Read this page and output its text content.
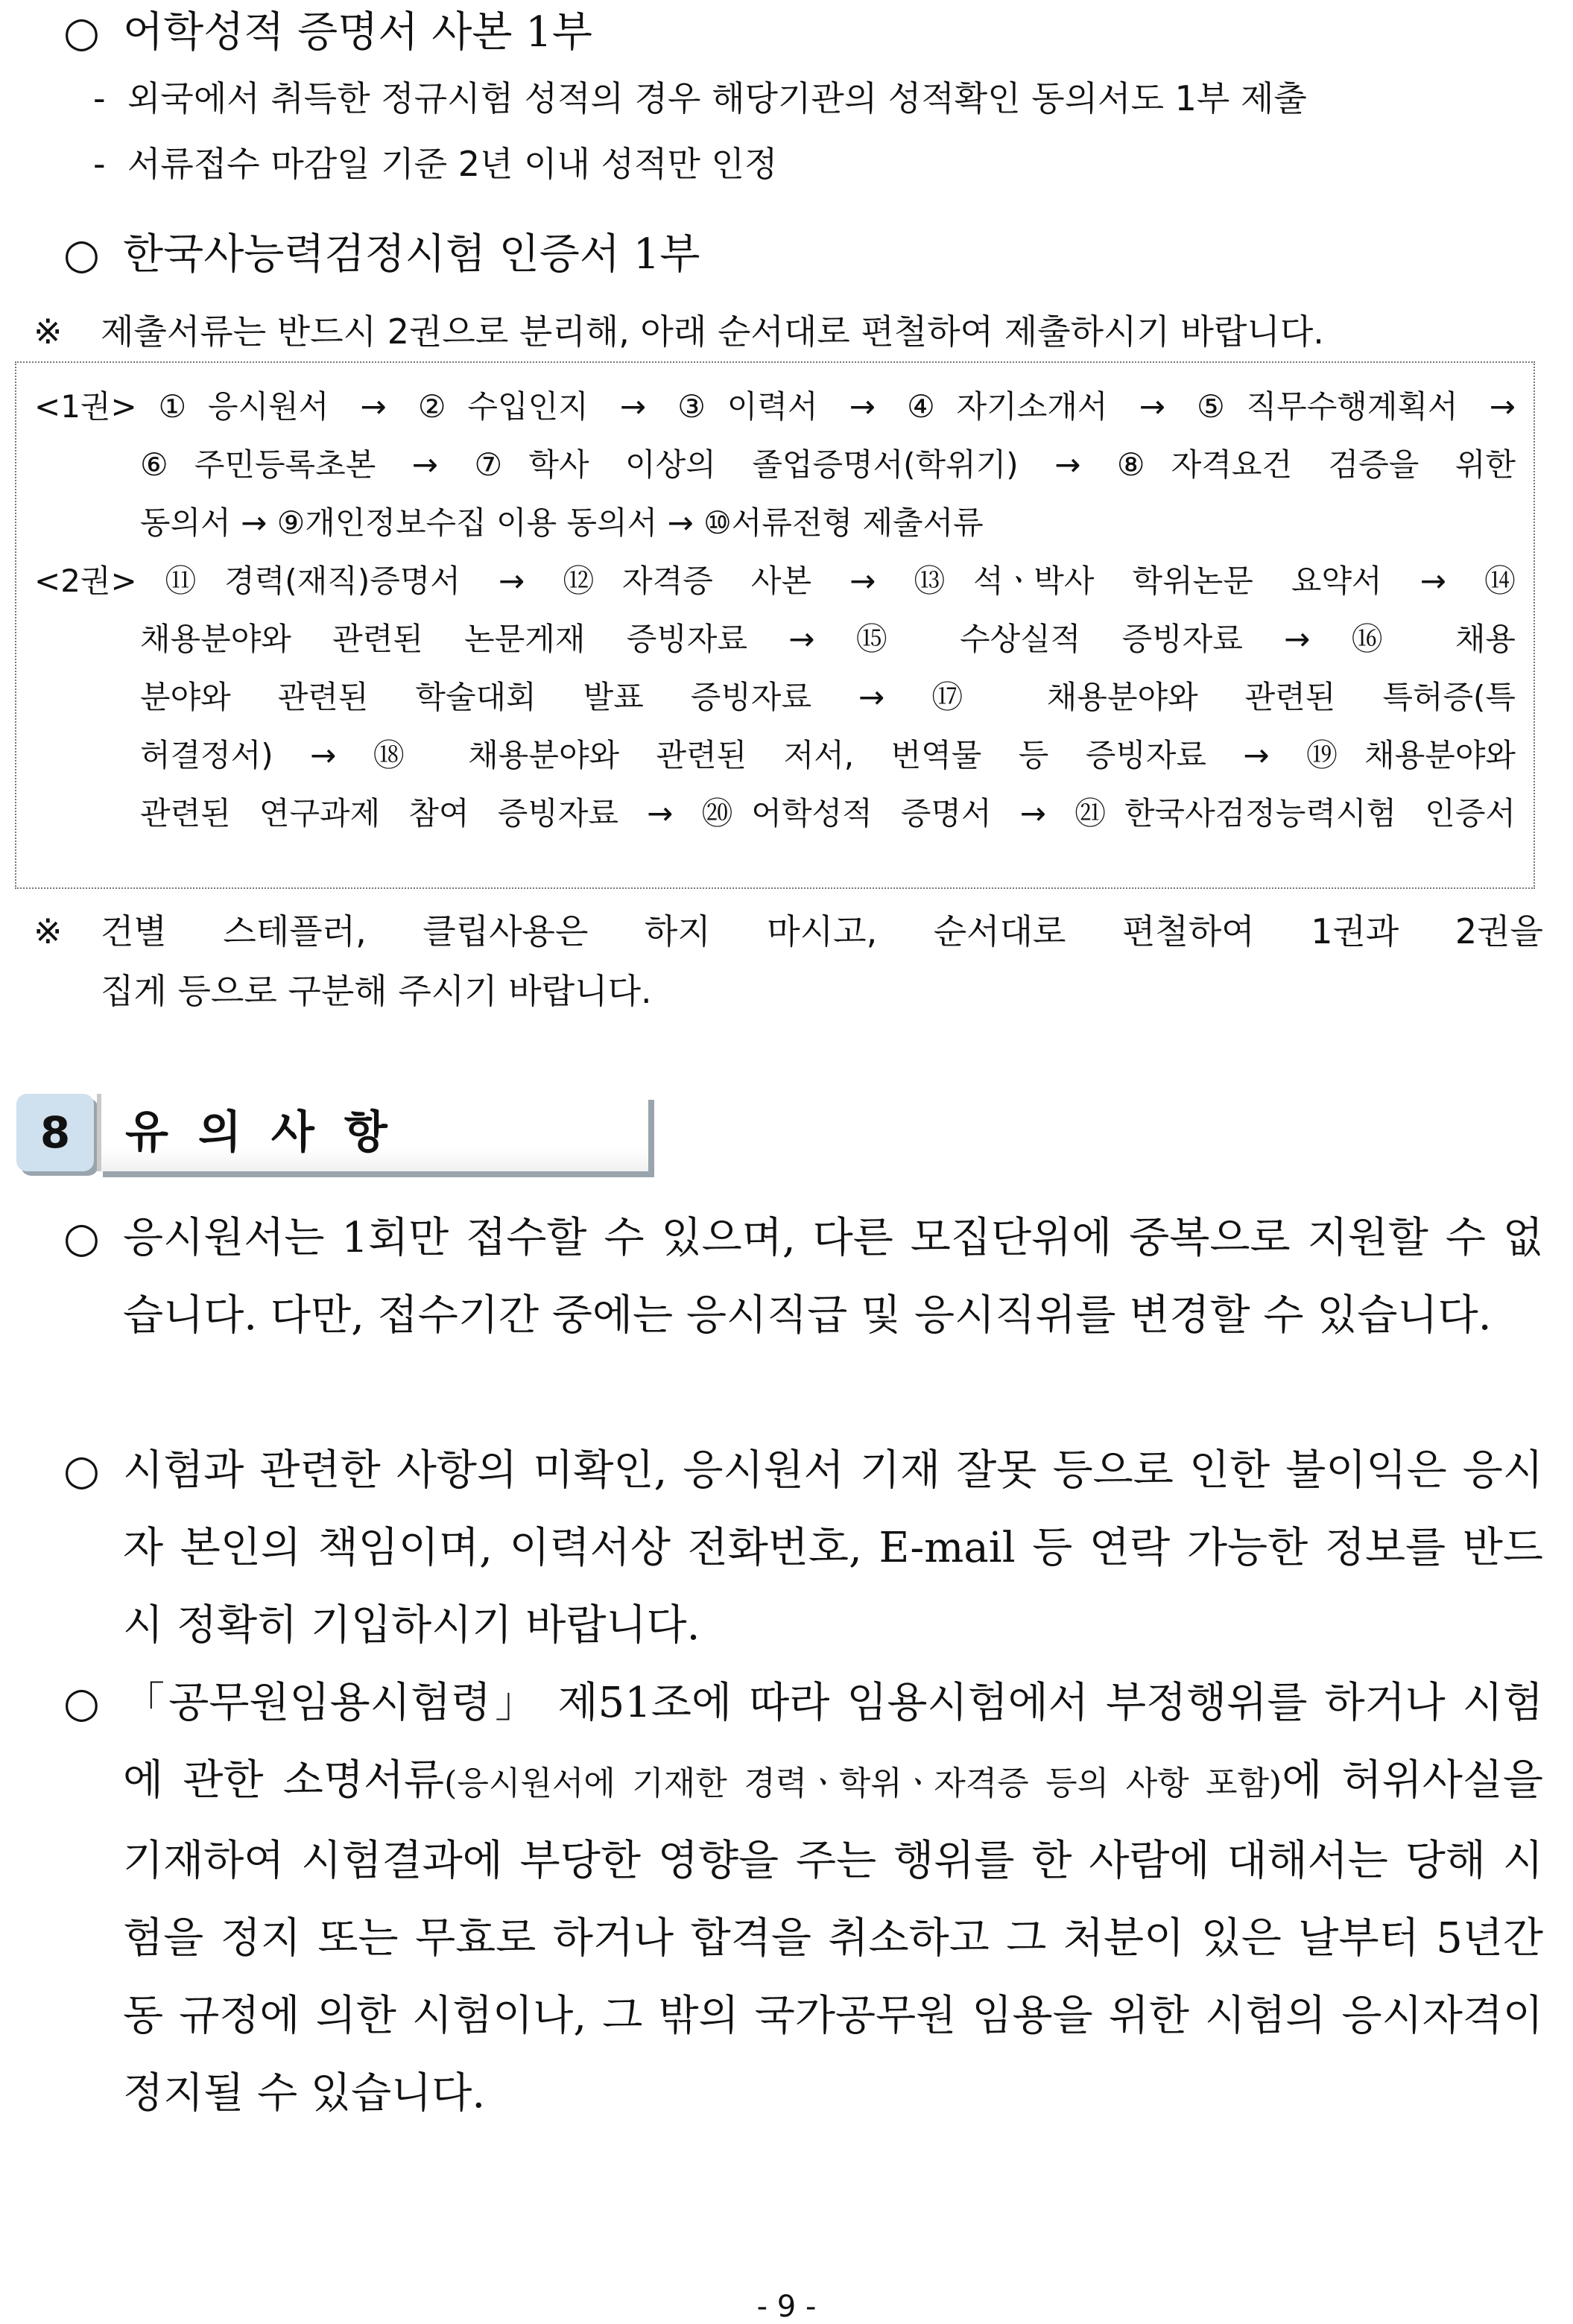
○ 어학성적 증명서 사본 1부
- 외국에서 취득한 정규시험 성적의 경우 해당기관의 성적확인 동의서도 1부 제출
- 서류접수 마감일 기준 2년 이내 성적만 인정
○ 한국사능력검정시험 인증서 1부
※ 제출서류는 반드시 2권으로 분리해, 아래 순서대로 편철하여 제출하시기 바랍니다.
<1권>①응시원서 → ②수입인지 → ③이력서 → ④자기소개서 → ⑤직무수행계획서 →
⑥주민등록초본 → ⑦학사 이상의 졸업증명서(학위기) → ⑧자격요건 검증을 위한
동의서 → ⑨개인정보수집 이용 동의서 → ⑩서류전형 제출서류
<2권>⑪경력(재직)증명서 → ⑫자격증 사본 → ⑬석ㆍ박사 학위논문 요약서 → ⑭
채용분야와 관련된 논문게재 증빙자료 → ⑮ 수상실적 증빙자료 → ⑯ 채용
분야와 관련된 학술대회 발표 증빙자료 → ⑰ 채용분야와 관련된 특허증(특
허결정서) → ⑱ 채용분야와 관련된 저서, 번역물 등 증빙자료 → ⑲채용분야와
관련된 연구과제 참여 증빙자료 → ⑳어학성적 증명서 → ㉑한국사검정능력시험 인증서
※ 건별 스테플러, 클립사용은 하지 마시고, 순서대로 편철하여 1권과 2권을
집게 등으로 구분해 주시기 바랍니다.
8	유의사항
○ 응시원서는 1회만 접수할 수 있으며, 다른 모집단위에 중복으로 지원할 수 없습니다. 다만, 접수기간 중에는 응시직급 및 응시직위를 변경할 수 있습니다.
○ 시험과 관련한 사항의 미확인, 응시원서 기재 잘못 등으로 인한 불이익은 응시자 본인의 책임이며, 이력서상 전화번호, E-mail 등 연락 가능한 정보를 반드시 정확히 기입하시기 바랍니다.
○ 「공무원임용시험령」 제51조에 따라 임용시험에서 부정행위를 하거나 시험에 관한 소명서류(응시원서에 기재한 경력ㆍ학위ㆍ자격증 등의 사항 포함)에 허위사실을 기재하여 시험결과에 부당한 영향을 주는 행위를 한 사람에 대해서는 당해 시험을 정지 또는 무효로 하거나 합격을 취소하고 그 처분이 있은 날부터 5년간 동 규정에 의한 시험이나, 그 밖의 국가공무원 임용을 위한 시험의 응시자격이 정지될 수 있습니다.
- 9 -
